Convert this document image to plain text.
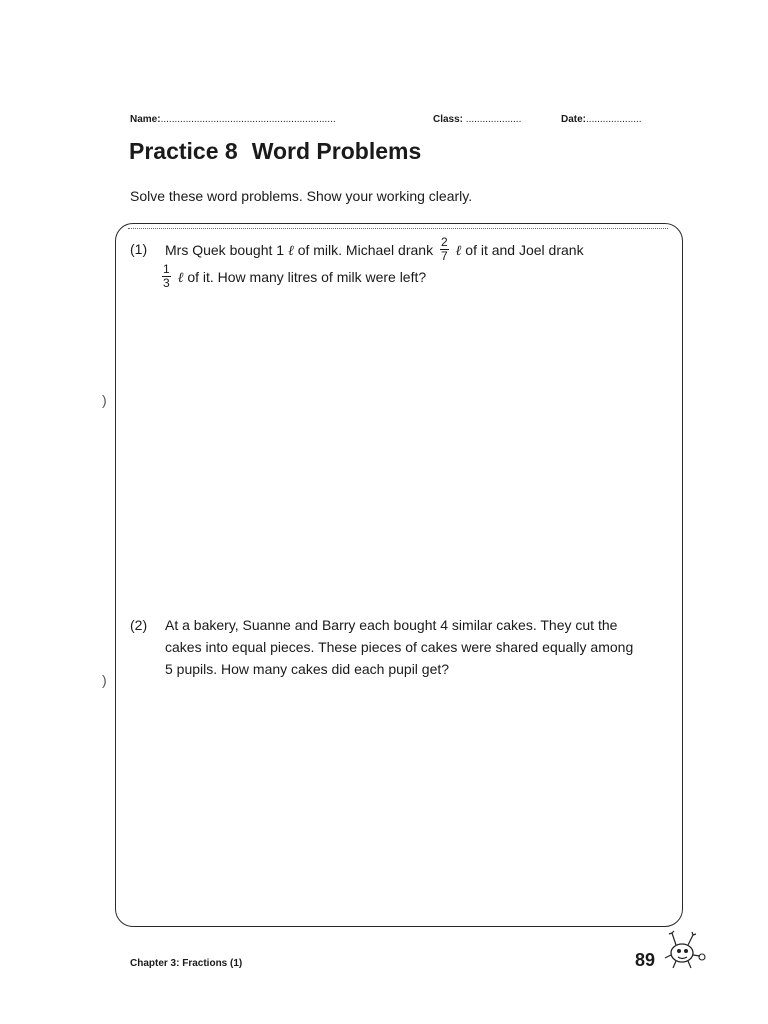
Name:...............................................................	Class: ....................	Date:....................
Practice 8 Word Problems
Solve these word problems. Show your working clearly.
(1) Mrs Quek bought 1 ℓ of milk. Michael drank $\frac{2}{7}$ ℓ of it and Joel drank
$\frac{1}{3}$ ℓ of it. How many litres of milk were left?
(2) At a bakery, Suanne and Barry each bought 4 similar cakes. They cut the
cakes into equal pieces. These pieces of cakes were shared equally among
5 pupils. How many cakes did each pupil get?
)
)
Chapter 3: Fractions (1)	89
